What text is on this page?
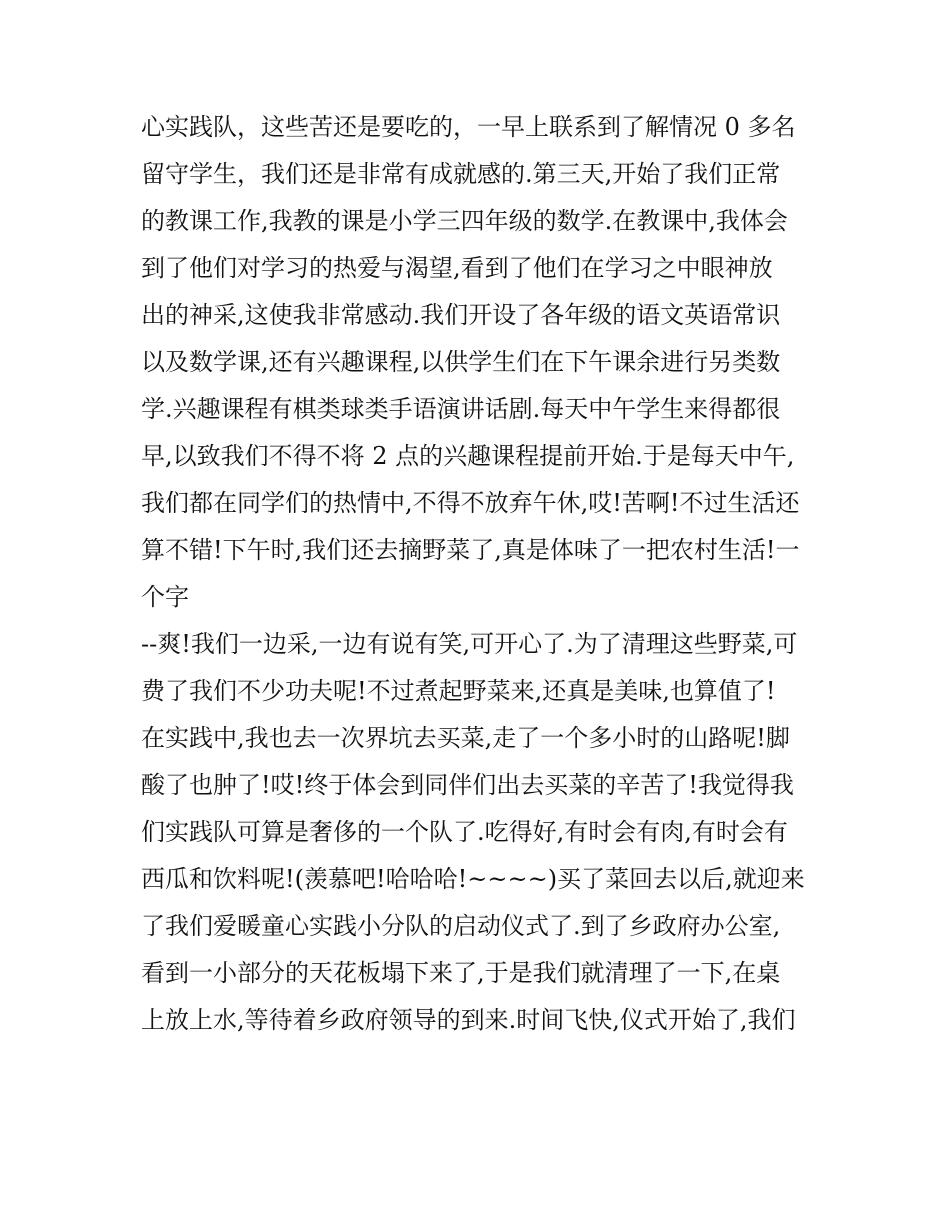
心实践队，这些苦还是要吃的，一早上联系到了解情况 0 多名
留守学生，我们还是非常有成就感的.第三天,开始了我们正常
的教课工作,我教的课是小学三四年级的数学.在教课中,我体会
到了他们对学习的热爱与渴望,看到了他们在学习之中眼神放
出的神采,这使我非常感动.我们开设了各年级的语文英语常识
以及数学课,还有兴趣课程,以供学生们在下午课余进行另类数
学.兴趣课程有棋类球类手语演讲话剧.每天中午学生来得都很
早,以致我们不得不将 2 点的兴趣课程提前开始.于是每天中午,
我们都在同学们的热情中,不得不放弃午休,哎!苦啊!不过生活还
算不错!下午时,我们还去摘野菜了,真是体味了一把农村生活!一
个字
--爽!我们一边采,一边有说有笑,可开心了.为了清理这些野菜,可
费了我们不少功夫呢!不过煮起野菜来,还真是美味,也算值了!
在实践中,我也去一次界坑去买菜,走了一个多小时的山路呢!脚
酸了也肿了!哎!终于体会到同伴们出去买菜的辛苦了!我觉得我
们实践队可算是奢侈的一个队了.吃得好,有时会有肉,有时会有
西瓜和饮料呢!(羡慕吧!哈哈哈!~~~~)买了菜回去以后,就迎来
了我们爱暖童心实践小分队的启动仪式了.到了乡政府办公室,
看到一小部分的天花板塌下来了,于是我们就清理了一下,在桌
上放上水,等待着乡政府领导的到来.时间飞快,仪式开始了,我们
